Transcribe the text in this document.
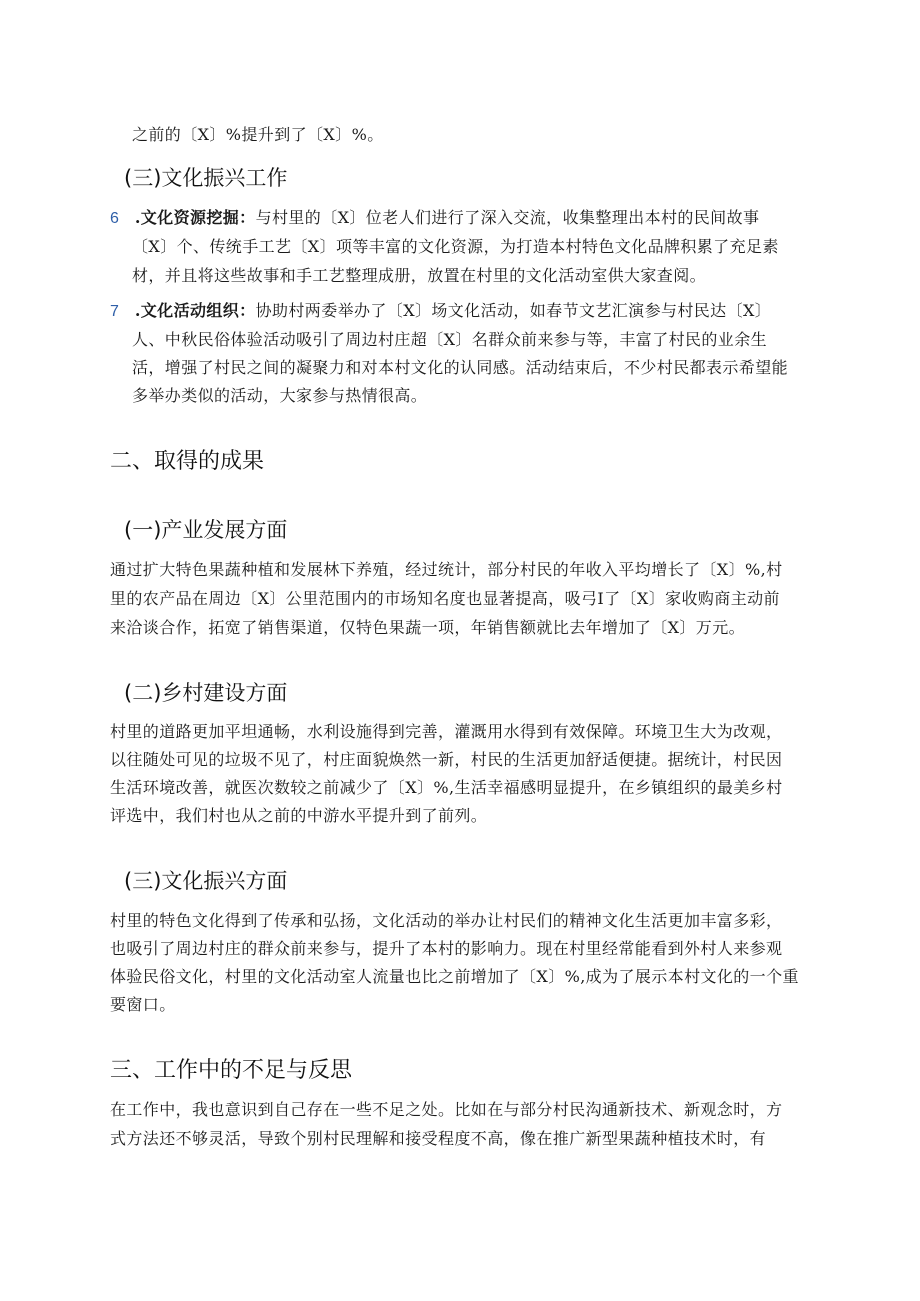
之前的〔X〕%提升到了〔X〕%。
(三)文化振兴工作
6 .文化资源挖掘：与村里的〔X〕位老人们进行了深入交流，收集整理出本村的民间故事
〔X〕个、传统手工艺〔X〕项等丰富的文化资源，为打造本村特色文化品牌积累了充足素
材，并且将这些故事和手工艺整理成册，放置在村里的文化活动室供大家查阅。
7 .文化活动组织：协助村两委举办了〔X〕场文化活动，如春节文艺汇演参与村民达〔X〕
人、中秋民俗体验活动吸引了周边村庄超〔X〕名群众前来参与等，丰富了村民的业余生
活，增强了村民之间的凝聚力和对本村文化的认同感。活动结束后，不少村民都表示希望能
多举办类似的活动，大家参与热情很高。
二、取得的成果
(一)产业发展方面
通过扩大特色果蔬种植和发展林下养殖，经过统计，部分村民的年收入平均增长了〔X〕%,村
里的农产品在周边〔X〕公里范围内的市场知名度也显著提高，吸弓I了〔X〕家收购商主动前
来洽谈合作，拓宽了销售渠道，仅特色果蔬一项，年销售额就比去年增加了〔X〕万元。
(二)乡村建设方面
村里的道路更加平坦通畅，水利设施得到完善，灌溉用水得到有效保障。环境卫生大为改观，
以往随处可见的垃圾不见了，村庄面貌焕然一新，村民的生活更加舒适便捷。据统计，村民因
生活环境改善，就医次数较之前减少了〔X〕%,生活幸福感明显提升，在乡镇组织的最美乡村
评选中，我们村也从之前的中游水平提升到了前列。
(三)文化振兴方面
村里的特色文化得到了传承和弘扬，文化活动的举办让村民们的精神文化生活更加丰富多彩，
也吸引了周边村庄的群众前来参与，提升了本村的影响力。现在村里经常能看到外村人来参观
体验民俗文化，村里的文化活动室人流量也比之前增加了〔X〕%,成为了展示本村文化的一个重
要窗口。
三、工作中的不足与反思
在工作中，我也意识到自己存在一些不足之处。比如在与部分村民沟通新技术、新观念时，方
式方法还不够灵活，导致个别村民理解和接受程度不高，像在推广新型果蔬种植技术时，有
